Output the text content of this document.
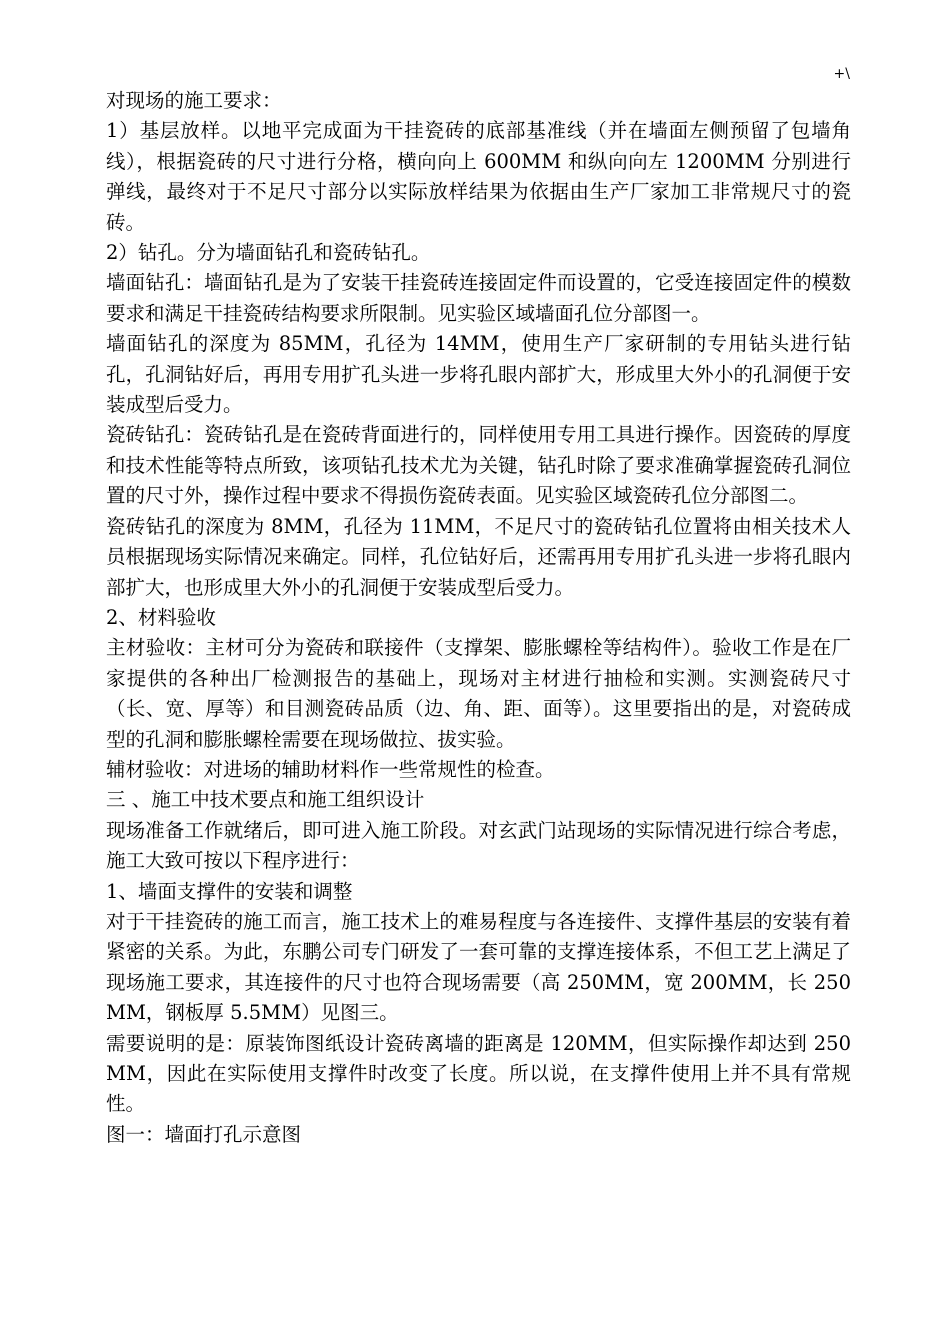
+\

对现场的施工要求：

1）基层放样。以地平完成面为干挂瓷砖的底部基准线（并在墙面左侧预留了包墙角线），根据瓷砖的尺寸进行分格，横向向上 600MM 和纵向向左 1200MM 分别进行弹线，最终对于不足尺寸部分以实际放样结果为依据由生产厂家加工非常规尺寸的瓷砖。

2）钻孔。分为墙面钻孔和瓷砖钻孔。

墙面钻孔：墙面钻孔是为了安装干挂瓷砖连接固定件而设置的，它受连接固定件的模数要求和满足干挂瓷砖结构要求所限制。见实验区域墙面孔位分部图一。

墙面钻孔的深度为 85MM，孔径为 14MM，使用生产厂家研制的专用钻头进行钻孔，孔洞钻好后，再用专用扩孔头进一步将孔眼内部扩大，形成里大外小的孔洞便于安装成型后受力。

瓷砖钻孔：瓷砖钻孔是在瓷砖背面进行的，同样使用专用工具进行操作。因瓷砖的厚度和技术性能等特点所致，该项钻孔技术尤为关键，钻孔时除了要求准确掌握瓷砖孔洞位置的尺寸外，操作过程中要求不得损伤瓷砖表面。见实验区域瓷砖孔位分部图二。

瓷砖钻孔的深度为 8MM，孔径为 11MM，不足尺寸的瓷砖钻孔位置将由相关技术人员根据现场实际情况来确定。同样，孔位钻好后，还需再用专用扩孔头进一步将孔眼内部扩大，也形成里大外小的孔洞便于安装成型后受力。

2、材料验收

主材验收：主材可分为瓷砖和联接件（支撑架、膨胀螺栓等结构件）。验收工作是在厂家提供的各种出厂检测报告的基础上，现场对主材进行抽检和实测。实测瓷砖尺寸（长、宽、厚等）和目测瓷砖品质（边、角、距、面等）。这里要指出的是，对瓷砖成型的孔洞和膨胀螺栓需要在现场做拉、拔实验。

辅材验收：对进场的辅助材料作一些常规性的检查。

三 、施工中技术要点和施工组织设计

现场准备工作就绪后，即可进入施工阶段。对玄武门站现场的实际情况进行综合考虑，施工大致可按以下程序进行：

1、墙面支撑件的安装和调整

对于干挂瓷砖的施工而言，施工技术上的难易程度与各连接件、支撑件基层的安装有着紧密的关系。为此，东鹏公司专门研发了一套可靠的支撑连接体系，不但工艺上满足了现场施工要求，其连接件的尺寸也符合现场需要（高 250MM，宽 200MM，长 250MM，钢板厚 5.5MM）见图三。

需要说明的是：原装饰图纸设计瓷砖离墙的距离是 120MM，但实际操作却达到 250MM，因此在实际使用支撑件时改变了长度。所以说，在支撑件使用上并不具有常规性。

图一：墙面打孔示意图
